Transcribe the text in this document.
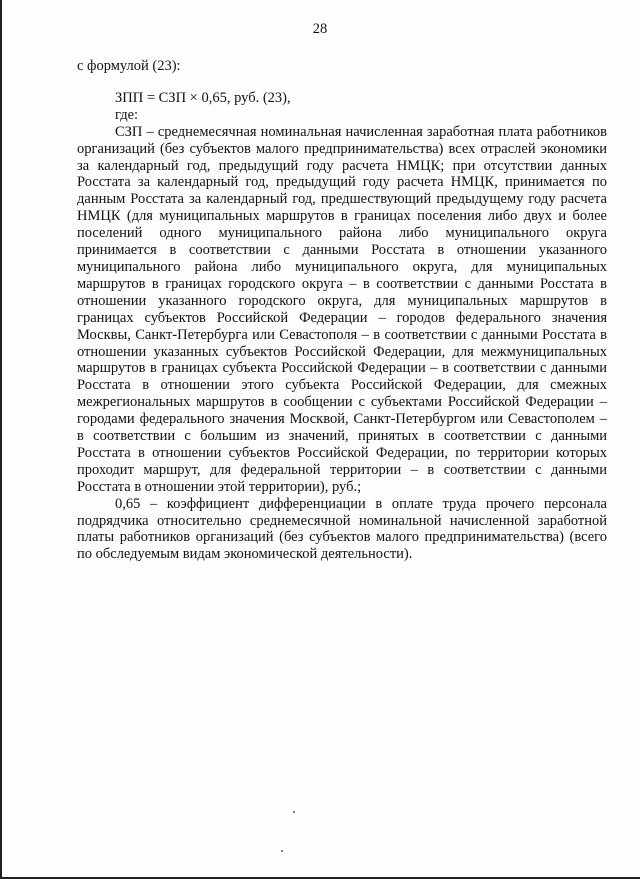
28

с формулой (23):

ЗПП = СЗП × 0,65, руб. (23),

где:

СЗП – среднемесячная номинальная начисленная заработная плата работников организаций (без субъектов малого предпринимательства) всех отраслей экономики за календарный год, предыдущий году расчета НМЦК; при отсутствии данных Росстата за календарный год, предыдущий году расчета НМЦК, принимается по данным Росстата за календарный год, предшествующий предыдущему году расчета НМЦК (для муниципальных маршрутов в границах поселения либо двух и более поселений одного муниципального района либо муниципального округа принимается в соответствии с данными Росстата в отношении указанного муниципального района либо муниципального округа, для муниципальных маршрутов в границах городского округа – в соответствии с данными Росстата в отношении указанного городского округа, для муниципальных маршрутов в границах субъектов Российской Федерации – городов федерального значения Москвы, Санкт-Петербурга или Севастополя – в соответствии с данными Росстата в отношении указанных субъектов Российской Федерации, для межмуниципальных маршрутов в границах субъекта Российской Федерации – в соответствии с данными Росстата в отношении этого субъекта Российской Федерации, для смежных межрегиональных маршрутов в сообщении с субъектами Российской Федерации – городами федерального значения Москвой, Санкт-Петербургом или Севастополем – в соответствии с большим из значений, принятых в соответствии с данными Росстата в отношении субъектов Российской Федерации, по территории которых проходит маршрут, для федеральной территории – в соответствии с данными Росстата в отношении этой территории), руб.;

0,65 – коэффициент дифференциации в оплате труда прочего персонала подрядчика относительно среднемесячной номинальной начисленной заработной платы работников организаций (без субъектов малого предпринимательства) (всего по обследуемым видам экономической деятельности).
